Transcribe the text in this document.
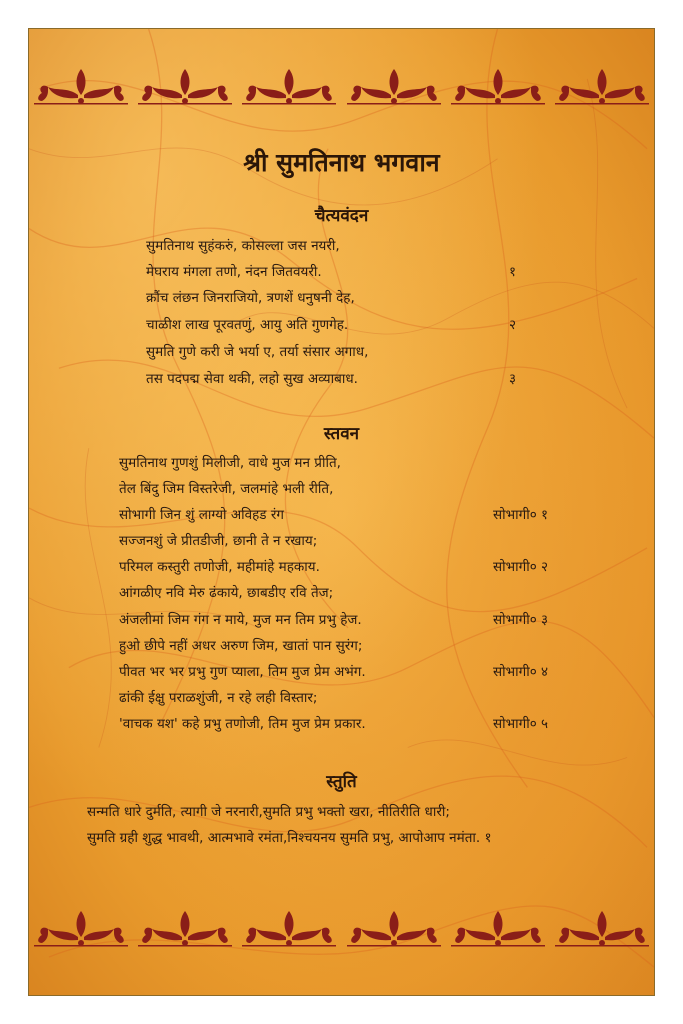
श्री सुमतिनाथ भगवान
चैत्यवंदन
सुमतिनाथ सुहंकरुं, कोसल्ला जस नयरी,
मेघराय मंगला तणो, नंदन जितवयरी.	१
क्रौंच लंछन जिनराजियो, त्रणशें धनुषनी देह,
चाळीश लाख पूरवतणुं, आयु अति गुणगेह.	२
सुमति गुणे करी जे भर्या ए, तर्या संसार अगाध,
तस पदपद्म सेवा थकी, लहो सुख अव्याबाध.	३
स्तवन
सुमतिनाथ गुणशुं मिलीजी, वाधे मुज मन प्रीति,
तेल बिंदु जिम विस्तरेजी, जलमांहे भली रीति,
सोभागी जिन शुं लाग्यो अविहड रंग	सोभागी० १
सज्जनशुं जे प्रीतडीजी, छानी ते न रखाय;
परिमल कस्तुरी तणोजी, महीमांहे महकाय.	सोभागी० २
आंगळीए नवि मेरु ढंकाये, छाबडीए रवि तेज;
अंजलीमां जिम गंग न माये, मुज मन तिम प्रभु हेज.	सोभागी० ३
हुओ छीपे नहीं अधर अरुण जिम, खातां पान सुरंग;
पीवत भर भर प्रभु गुण प्याला, तिम मुज प्रेम अभंग.	सोभागी० ४
ढांकी ईक्षु पराळशुंजी, न रहे लही विस्तार;
'वाचक यश' कहे प्रभु तणोजी, तिम मुज प्रेम प्रकार.	सोभागी० ५
स्तुति
सन्मति धारे दुर्मति, त्यागी जे नरनारी,सुमति प्रभु भक्तो खरा, नीतिरीति धारी;
सुमति ग्रही शुद्ध भावथी, आत्मभावे रमंता,निश्चयनय सुमति प्रभु, आपोआप नमंता. १
